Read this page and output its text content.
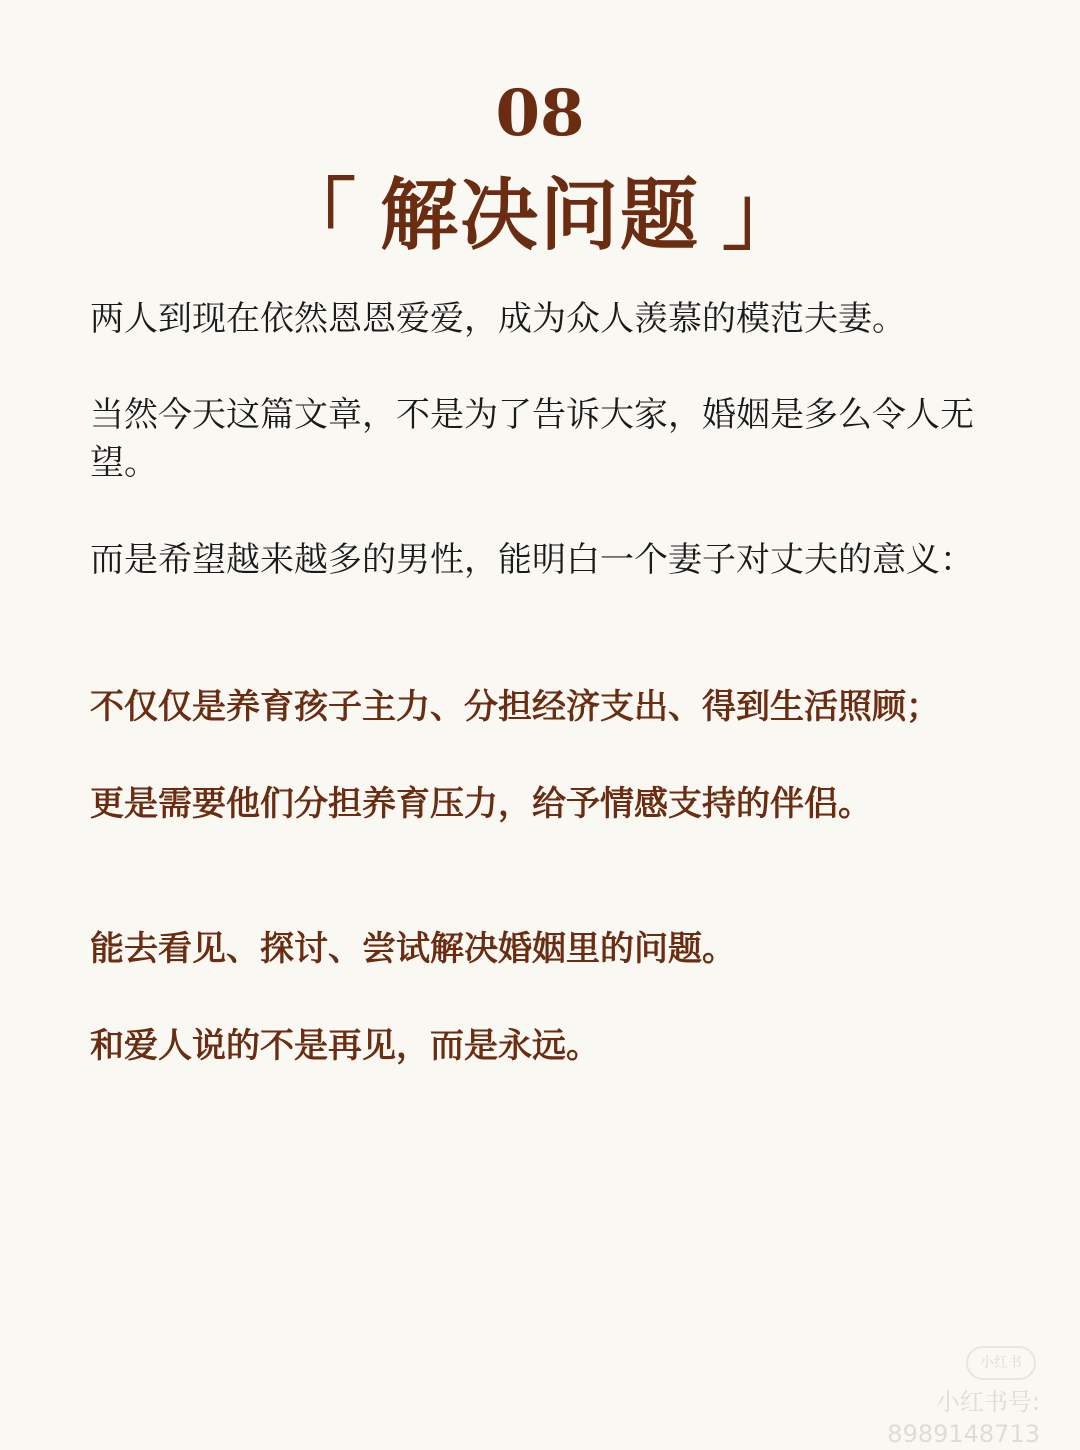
08
「 解决问题 」

两人到现在依然恩恩爱爱，成为众人羡慕的模范夫妻。

当然今天这篇文章，不是为了告诉大家，婚姻是多么令人无望。

而是希望越来越多的男性，能明白一个妻子对丈夫的意义：

不仅仅是养育孩子主力、分担经济支出、得到生活照顾；

更是需要他们分担养育压力，给予情感支持的伴侣。

能去看见、探讨、尝试解决婚姻里的问题。

和爱人说的不是再见，而是永远。

小红书
小红书号: 8989148713
